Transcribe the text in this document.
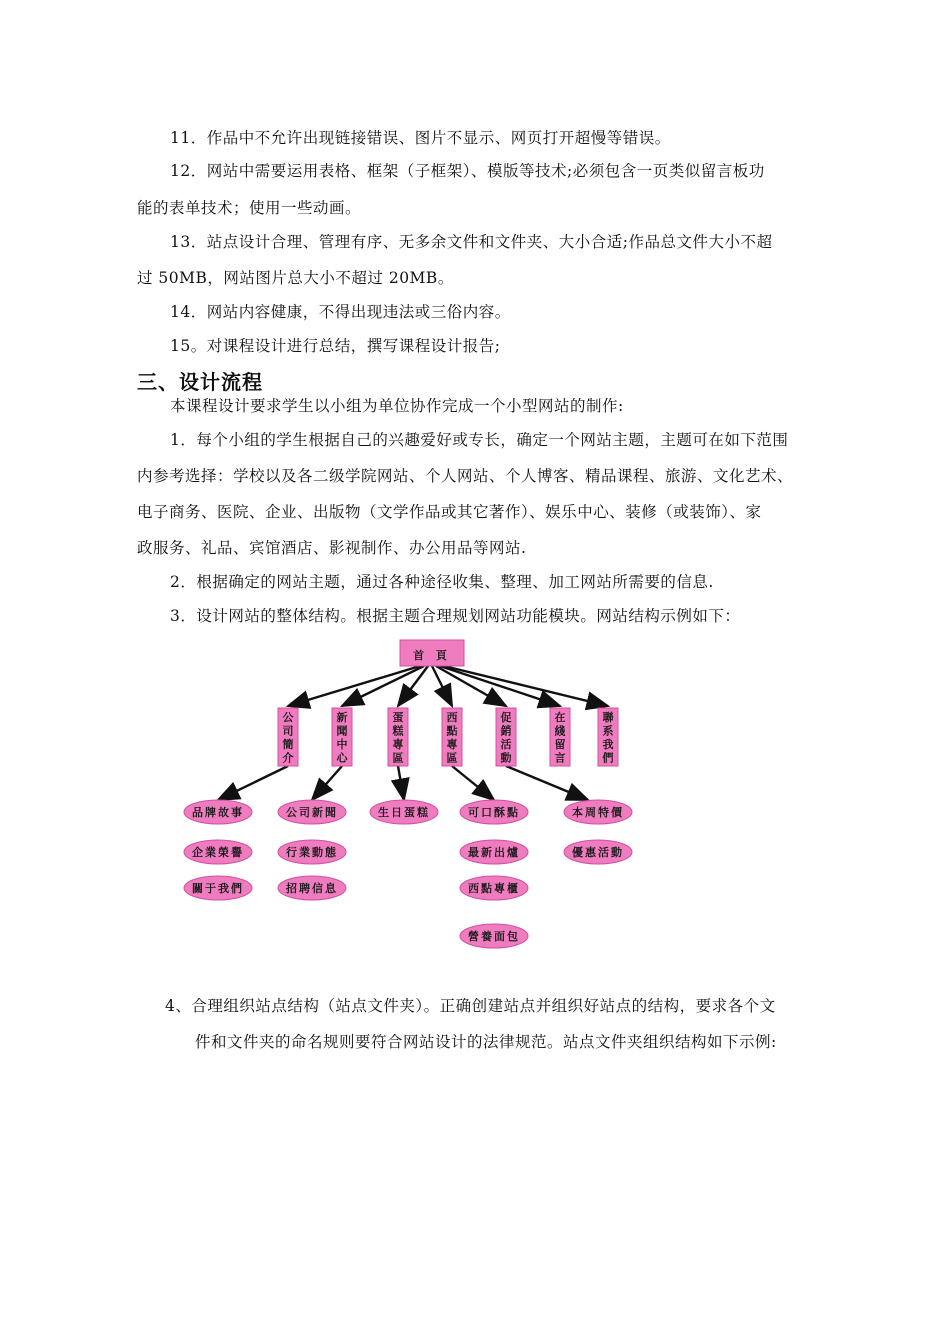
11．作品中不允许出现链接错误、图片不显示、网页打开超慢等错误。
12．网站中需要运用表格、框架（子框架）、模版等技术;必须包含一页类似留言板功
能的表单技术；使用一些动画。
13．站点设计合理、管理有序、无多余文件和文件夹、大小合适;作品总文件大小不超
过 50MB，网站图片总大小不超过 20MB。
14．网站内容健康，不得出现违法或三俗内容。
15。对课程设计进行总结，撰写课程设计报告;
三、设计流程
本课程设计要求学生以小组为单位协作完成一个小型网站的制作:
1．每个小组的学生根据自己的兴趣爱好或专长，确定一个网站主题，主题可在如下范围
内参考选择：学校以及各二级学院网站、个人网站、个人博客、精品课程、旅游、文化艺术、
电子商务、医院、企业、出版物（文学作品或其它著作）、娱乐中心、装修（或装饰）、家
政服务、礼品、宾馆酒店、影视制作、办公用品等网站.
2．根据确定的网站主题，通过各种途径收集、整理、加工网站所需要的信息.
3．设计网站的整体结构。根据主题合理规划网站功能模块。网站结构示例如下：
首 頁
公
司
簡
介
新
聞
中
心
蛋
糕
專
區
西
點
專
區
促
銷
活
動
在
綫
留
言
聯
系
我
們
品牌故事
企業榮譽
關于我們
公司新聞
行業動態
招聘信息
生日蛋糕	可口酥點
最新出爐
西點專櫃
營養面包
本周特價
優惠活動
4、合理组织站点结构（站点文件夹）。正确创建站点并组织好站点的结构，要求各个文
件和文件夹的命名规则要符合网站设计的法律规范。站点文件夹组织结构如下示例:
